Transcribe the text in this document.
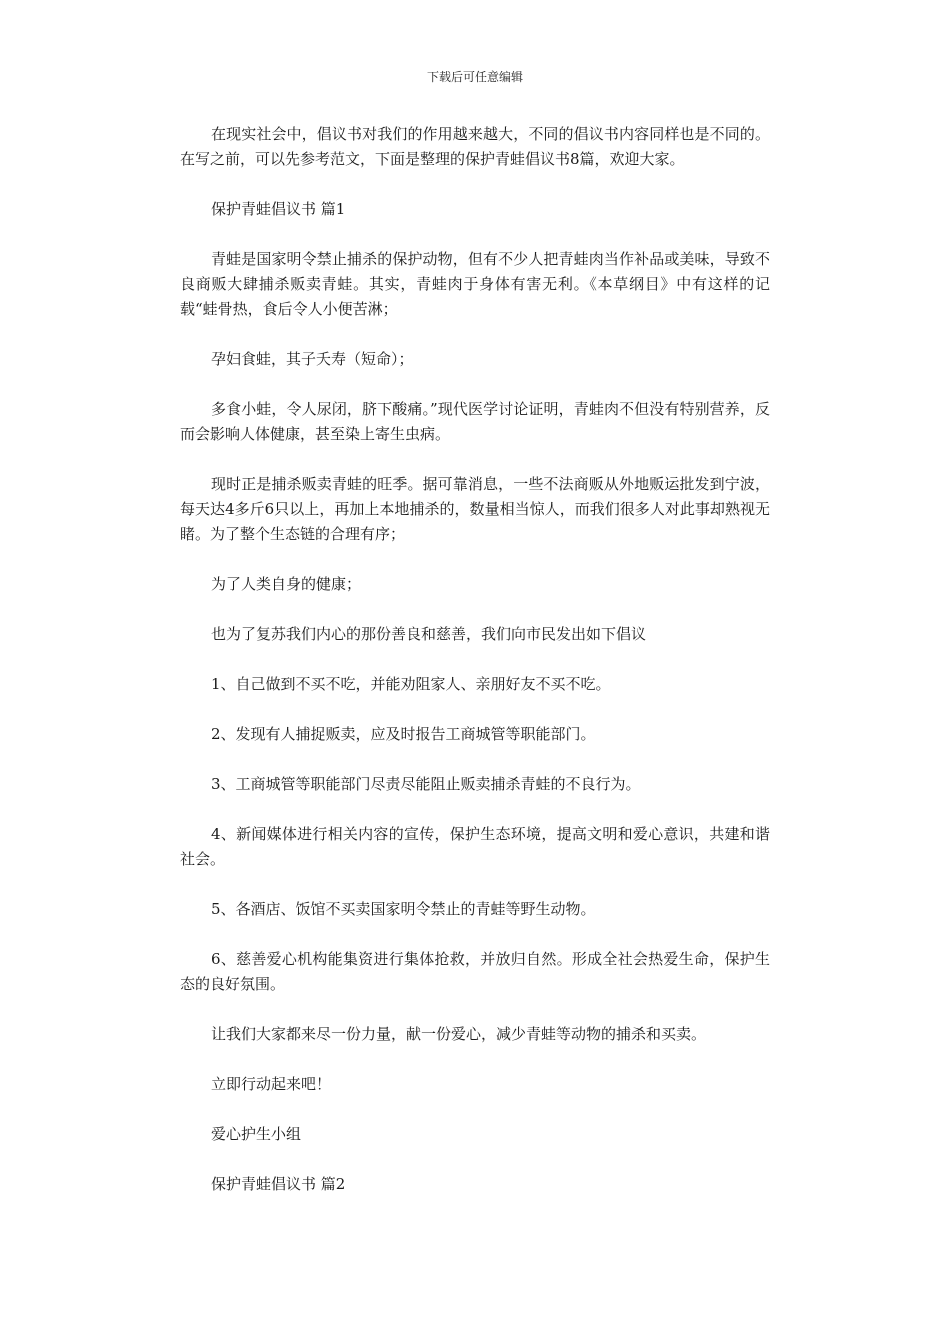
下载后可任意编辑

在现实社会中，倡议书对我们的作用越来越大，不同的倡议书内容同样也是不同的。在写之前，可以先参考范文，下面是整理的保护青蛙倡议书8篇，欢迎大家。

保护青蛙倡议书 篇1

青蛙是国家明令禁止捕杀的保护动物，但有不少人把青蛙肉当作补品或美味，导致不良商贩大肆捕杀贩卖青蛙。其实，青蛙肉于身体有害无利。《本草纲目》中有这样的记载“蛙骨热，食后令人小便苦淋；

孕妇食蛙，其子夭寿（短命）；

多食小蛙，令人尿闭，脐下酸痛。”现代医学讨论证明，青蛙肉不但没有特别营养，反而会影响人体健康，甚至染上寄生虫病。

现时正是捕杀贩卖青蛙的旺季。据可靠消息，一些不法商贩从外地贩运批发到宁波，每天达4多斤6只以上，再加上本地捕杀的，数量相当惊人，而我们很多人对此事却熟视无睹。为了整个生态链的合理有序；

为了人类自身的健康；

也为了复苏我们内心的那份善良和慈善，我们向市民发出如下倡议

1、自己做到不买不吃，并能劝阻家人、亲朋好友不买不吃。

2、发现有人捕捉贩卖，应及时报告工商城管等职能部门。

3、工商城管等职能部门尽责尽能阻止贩卖捕杀青蛙的不良行为。

4、新闻媒体进行相关内容的宣传，保护生态环境，提高文明和爱心意识，共建和谐社会。

5、各酒店、饭馆不买卖国家明令禁止的青蛙等野生动物。

6、慈善爱心机构能集资进行集体抢救，并放归自然。形成全社会热爱生命，保护生态的良好氛围。

让我们大家都来尽一份力量，献一份爱心，减少青蛙等动物的捕杀和买卖。

立即行动起来吧！

爱心护生小组

保护青蛙倡议书 篇2
